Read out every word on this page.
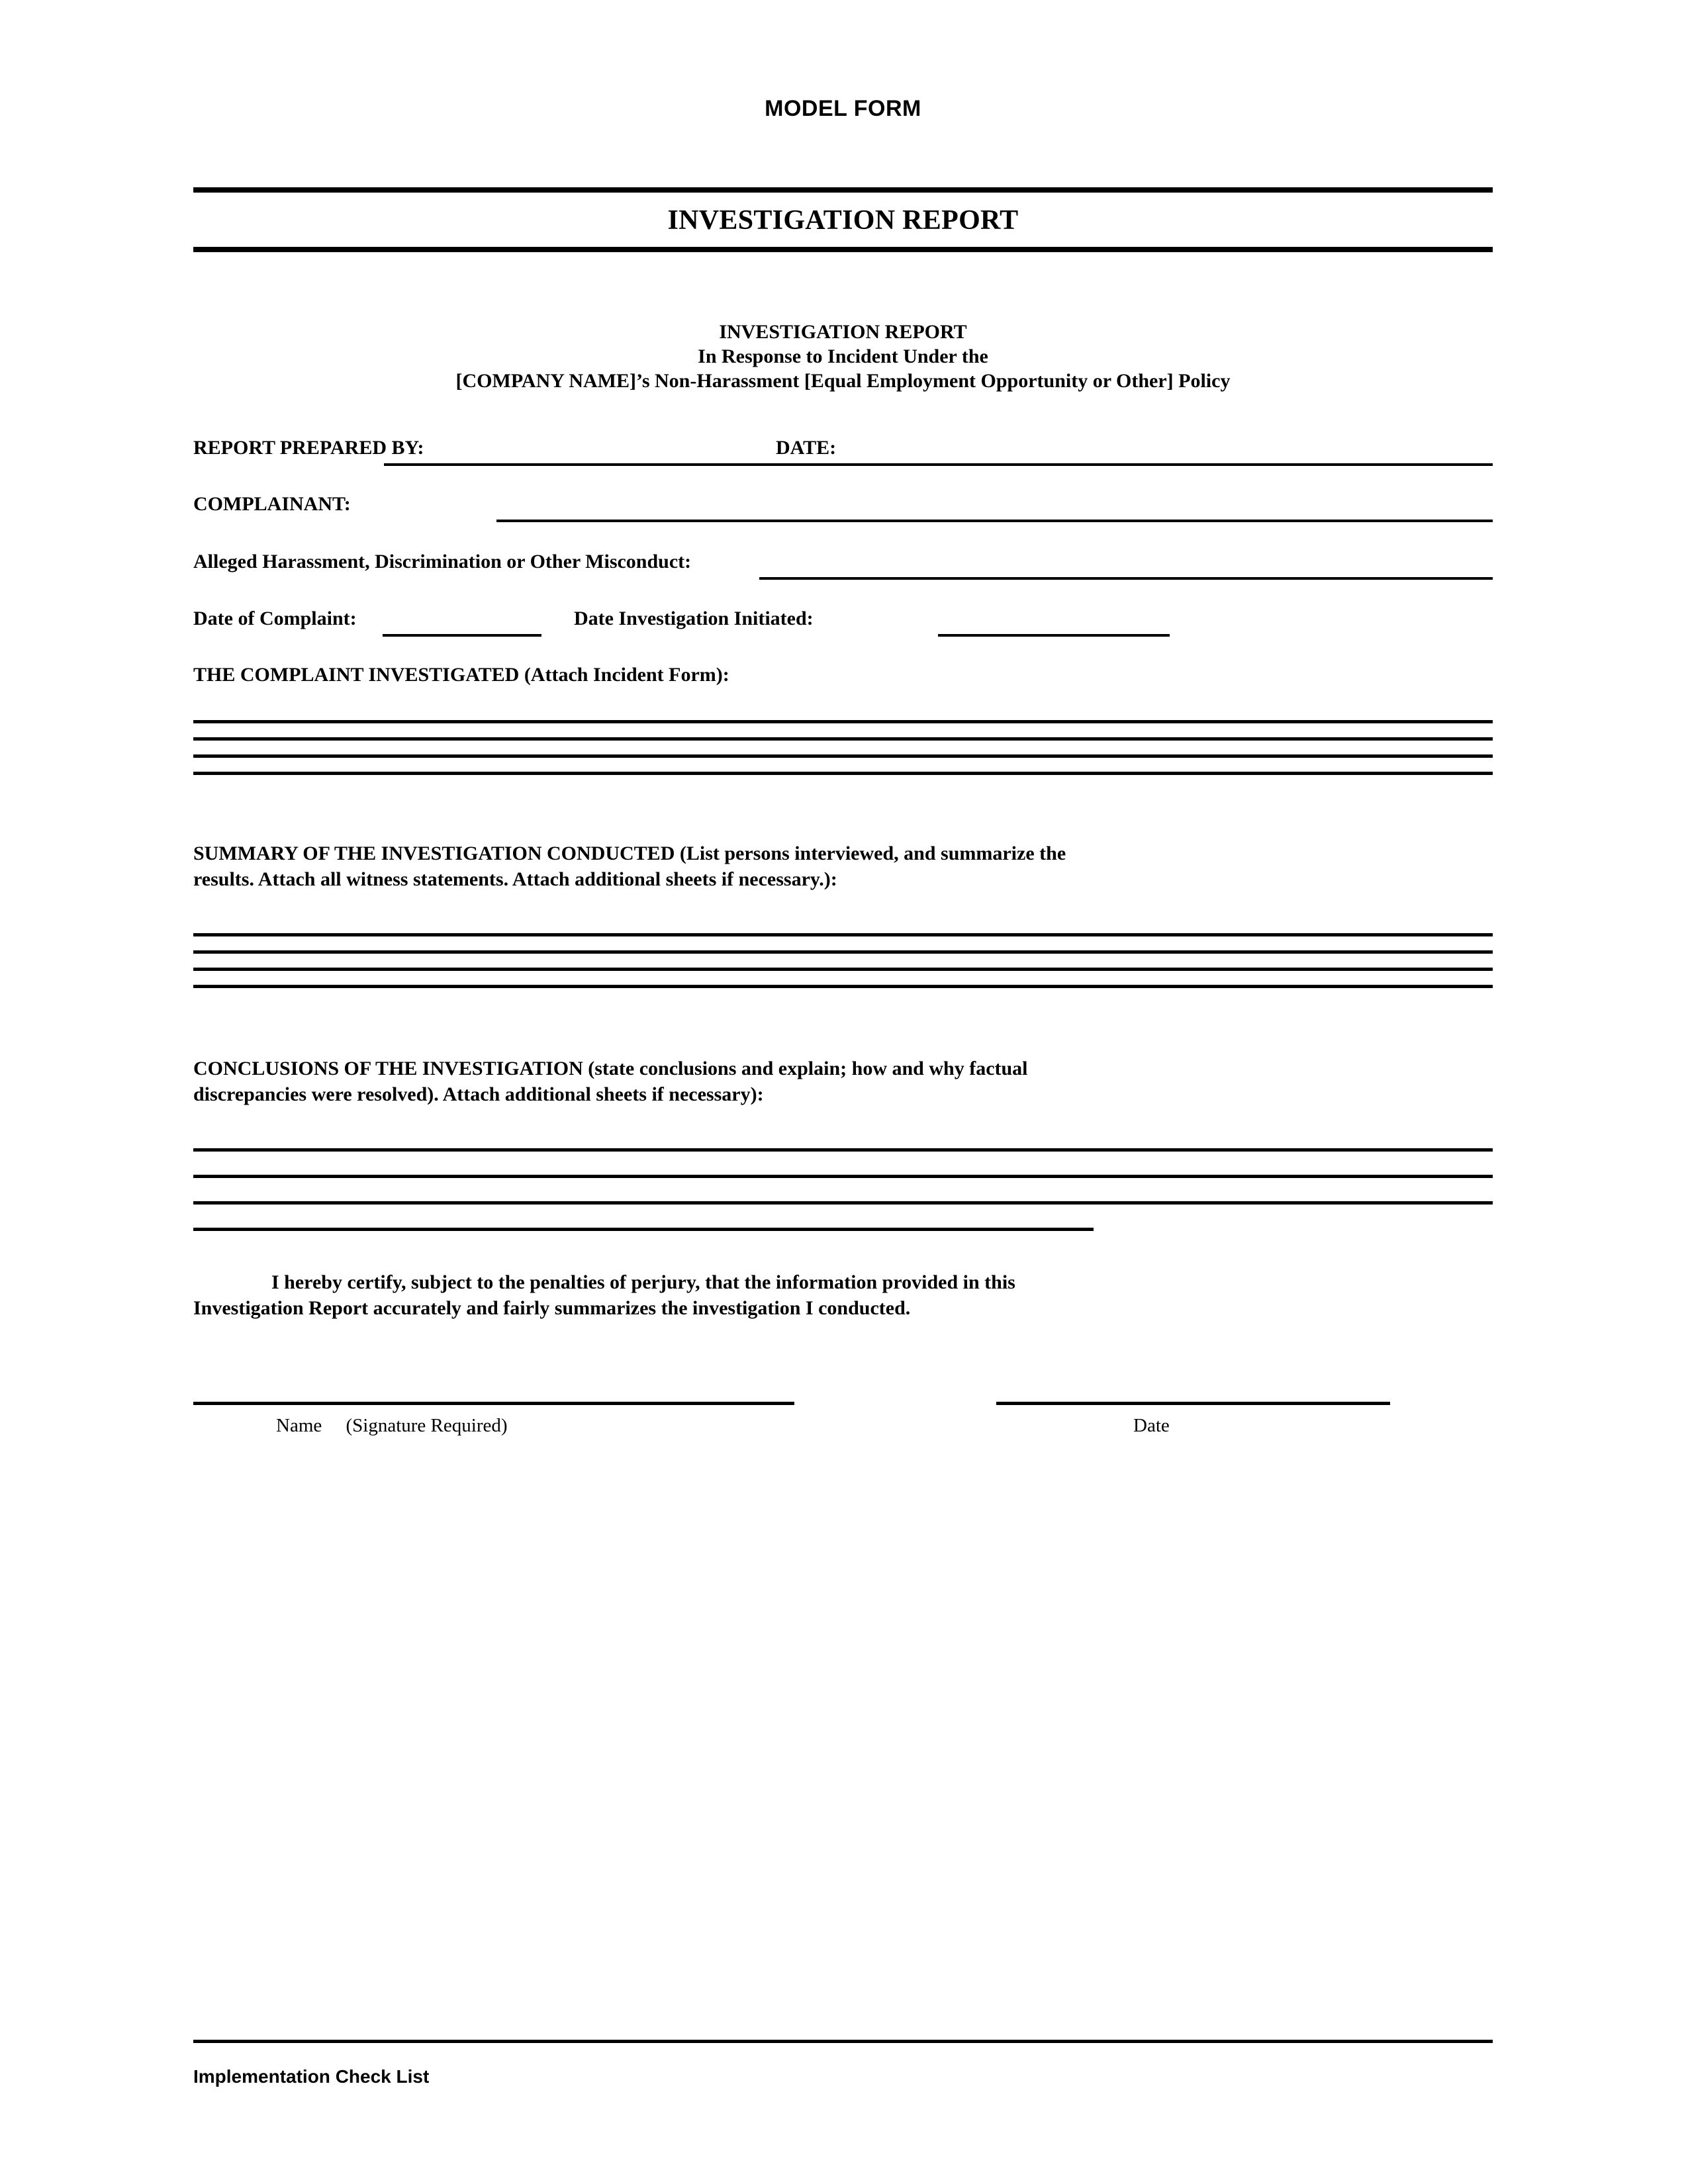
MODEL FORM
INVESTIGATION REPORT
INVESTIGATION REPORT
In Response to Incident Under the
[COMPANY NAME]’s Non-Harassment [Equal Employment Opportunity or Other] Policy
REPORT PREPARED BY:	DATE:
COMPLAINANT:
Alleged Harassment, Discrimination or Other Misconduct:
Date of Complaint:	Date Investigation Initiated:
THE COMPLAINT INVESTIGATED (Attach Incident Form):
SUMMARY OF THE INVESTIGATION CONDUCTED (List persons interviewed, and summarize the
results. Attach all witness statements. Attach additional sheets if necessary.):
CONCLUSIONS OF THE INVESTIGATION (state conclusions and explain; how and why factual
discrepancies were resolved). Attach additional sheets if necessary):
I hereby certify, subject to the penalties of perjury, that the information provided in this
Investigation Report accurately and fairly summarizes the investigation I conducted.
Name     (Signature Required)	Date
Implementation Check List
